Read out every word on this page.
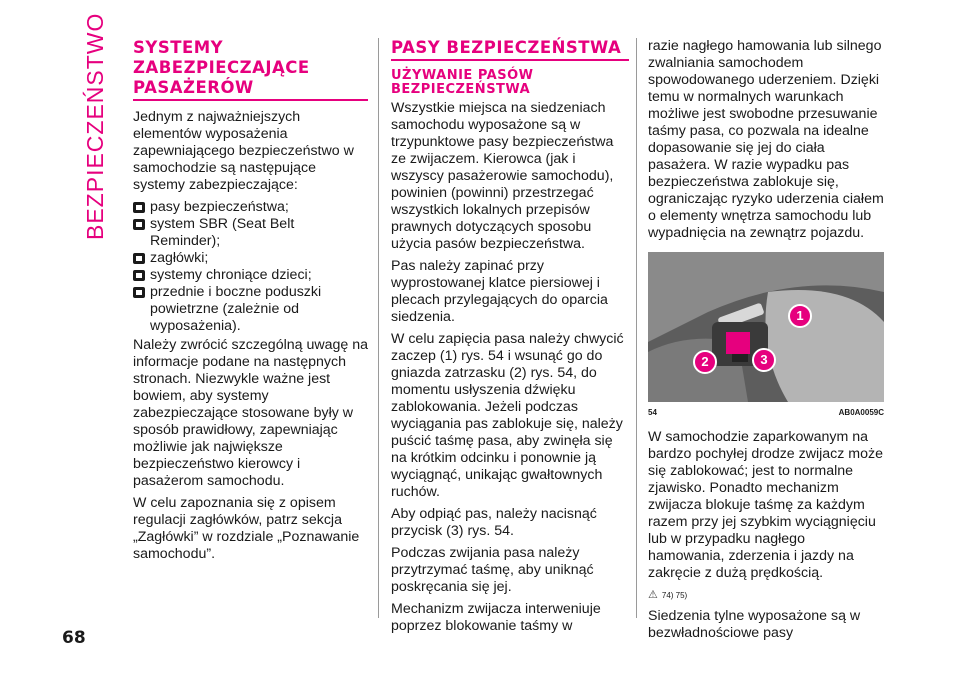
BEZPIECZEŃSTWO SYSTEMY ZABEZPIECZAJĄCE PASAŻERÓW

Jednym z najważniejszych elementów wyposażenia zapewniającego bezpieczeństwo w samochodzie są następujące systemy zabezpieczające:

pasy bezpieczeństwa;
system SBR (Seat Belt Reminder);
zagłówki;
systemy chroniące dzieci;
przednie i boczne poduszki powietrzne (zależnie od wyposażenia).

Należy zwrócić szczególną uwagę na informacje podane na następnych stronach. Niezwykle ważne jest bowiem, aby systemy zabezpieczające stosowane były w sposób prawidłowy, zapewniając możliwie jak największe bezpieczeństwo kierowcy i pasażerom samochodu.

W celu zapoznania się z opisem regulacji zagłówków, patrz sekcja „Zagłówki” w rozdziale „Poznawanie samochodu”.

PASY BEZPIECZEŃSTWA
UŻYWANIE PASÓW BEZPIECZEŃSTWA

Wszystkie miejsca na siedzeniach samochodu wyposażone są w trzypunktowe pasy bezpieczeństwa ze zwijaczem. Kierowca (jak i wszyscy pasażerowie samochodu), powinien (powinni) przestrzegać wszystkich lokalnych przepisów prawnych dotyczących sposobu użycia pasów bezpieczeństwa.

Pas należy zapinać przy wyprostowanej klatce piersiowej i plecach przylegających do oparcia siedzenia.

W celu zapięcia pasa należy chwycić zaczep (1) rys. 54 i wsunąć go do gniazda zatrzasku (2) rys. 54, do momentu usłyszenia dźwięku zablokowania. Jeżeli podczas wyciągania pas zablokuje się, należy puścić taśmę pasa, aby zwinęła się na krótkim odcinku i ponownie ją wyciągnąć, unikając gwałtownych ruchów.

Aby odpiąć pas, należy nacisnąć przycisk (3) rys. 54.

Podczas zwijania pasa należy przytrzymać taśmę, aby uniknąć poskręcania się jej.

Mechanizm zwijacza interweniuje poprzez blokowanie taśmy w

razie nagłego hamowania lub silnego zwalniania samochodem spowodowanego uderzeniem. Dzięki temu w normalnych warunkach możliwe jest swobodne przesuwanie taśmy pasa, co pozwala na idealne dopasowanie się jej do ciała pasażera. W razie wypadku pas bezpieczeństwa zablokuje się, ograniczając ryzyko uderzenia ciałem o elementy wnętrza samochodu lub wypadnięcia na zewnątrz pojazdu.

1
2	3
54	AB0A0059C

W samochodzie zaparkowanym na bardzo pochyłej drodze zwijacz może się zablokować; jest to normalne zjawisko. Ponadto mechanizm zwijacza blokuje taśmę za każdym razem przy jej szybkim wyciągnięciu lub w przypadku nagłego hamowania, zderzenia i jazdy na zakręcie z dużą prędkością.

⚠ 74) 75)

Siedzenia tylne wyposażone są w bezwładnościowe pasy

68
